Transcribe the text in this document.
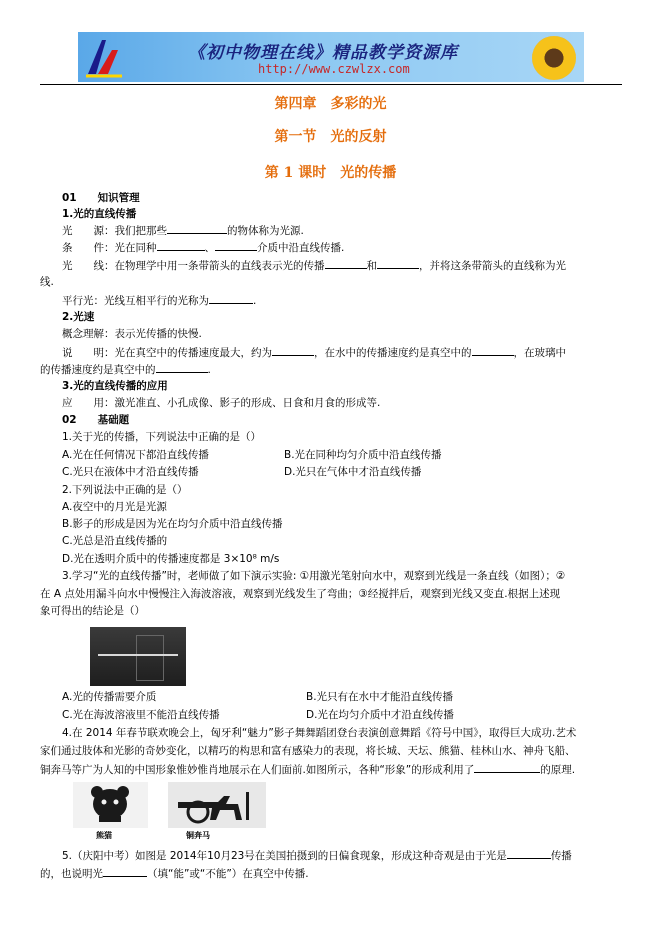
《初中物理在线》精品教学资源库
http://www.czwlzx.com
第四章　多彩的光
第一节　光的反射
第 1 课时　光的传播
01　　知识管理
1.光的直线传播
光　　源：我们把那些	的物体称为光源.
条　　件：光在同种	、	介质中沿直线传播.
光　　线：在物理学中用一条带箭头的直线表示光的传播	和	，并将这条带箭头的直线称为光
线.
平行光：光线互相平行的光称为	.
2.光速
概念理解：表示光传播的快慢.
说　　明：光在真空中的传播速度最大，约为	，在水中的传播速度约是真空中的	，在玻璃中
的传播速度约是真空中的	.
3.光的直线传播的应用
应　　用：激光准直、小孔成像、影子的形成、日食和月食的形成等.
02　　基础题
1.关于光的传播，下列说法中正确的是（）
A.光在任何情况下都沿直线传播	B.光在同种均匀介质中沿直线传播
C.光只在液体中才沿直线传播	D.光只在气体中才沿直线传播
2.下列说法中正确的是（）
A.夜空中的月光是光源
B.影子的形成是因为光在均匀介质中沿直线传播
C.光总是沿直线传播的
D.光在透明介质中的传播速度都是 3×10⁸ m/s
3.学习“光的直线传播”时，老师做了如下演示实验: ①用激光笔射向水中，观察到光线是一条直线（如图）；②
在 A 点处用漏斗向水中慢慢注入海波溶液，观察到光线发生了弯曲；③经搅拌后，观察到光线又变直.根据上述现
象可得出的结论是（）
A.光的传播需要介质	B.光只有在水中才能沿直线传播
C.光在海波溶液里不能沿直线传播	D.光在均匀介质中才沿直线传播
4.在 2014 年春节联欢晚会上，匈牙利“魅力”影子舞舞蹈团登台表演创意舞蹈《符号中国》，取得巨大成功.艺术
家们通过肢体和光影的奇妙变化，以精巧的构思和富有感染力的表现，将长城、天坛、熊猫、桂林山水、神舟飞船、
铜奔马等广为人知的中国形象惟妙惟肖地展示在人们面前.如图所示，各种“形象”的形成利用了	的原理.
熊猫	铜奔马
5.（庆阳中考）如图是 2014年10月23号在美国拍摄到的日偏食现象，形成这种奇观是由于光是	传播
的，也说明光	（填“能”或“不能”）在真空中传播.
